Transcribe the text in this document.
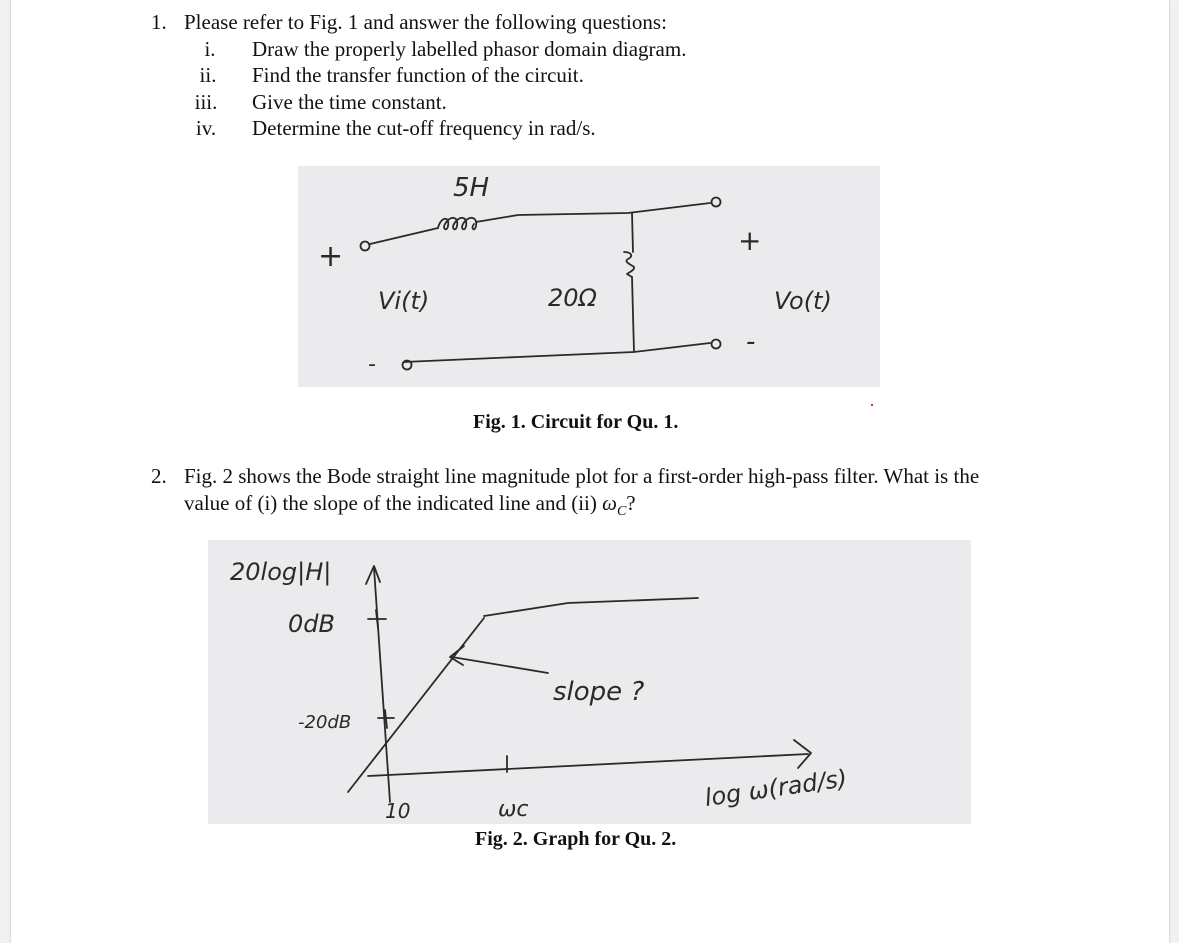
1. Please refer to Fig. 1 and answer the following questions:
i.	Draw the properly labelled phasor domain diagram.
ii.	Find the transfer function of the circuit.
iii.	Give the time constant.
iv.	Determine the cut-off frequency in rad/s.
5H
+
Vi(t)	20Ω
+
Vo(t)
-
-
Fig. 1. Circuit for Qu. 1.
2. Fig. 2 shows the Bode straight line magnitude plot for a first-order high-pass filter. What is the
value of (i) the slope of the indicated line and (ii) $\omega_C$?
20log|H|
0dB
-20dB
10	ωc
slope ?
log ω(rad/s)
Fig. 2. Graph for Qu. 2.
